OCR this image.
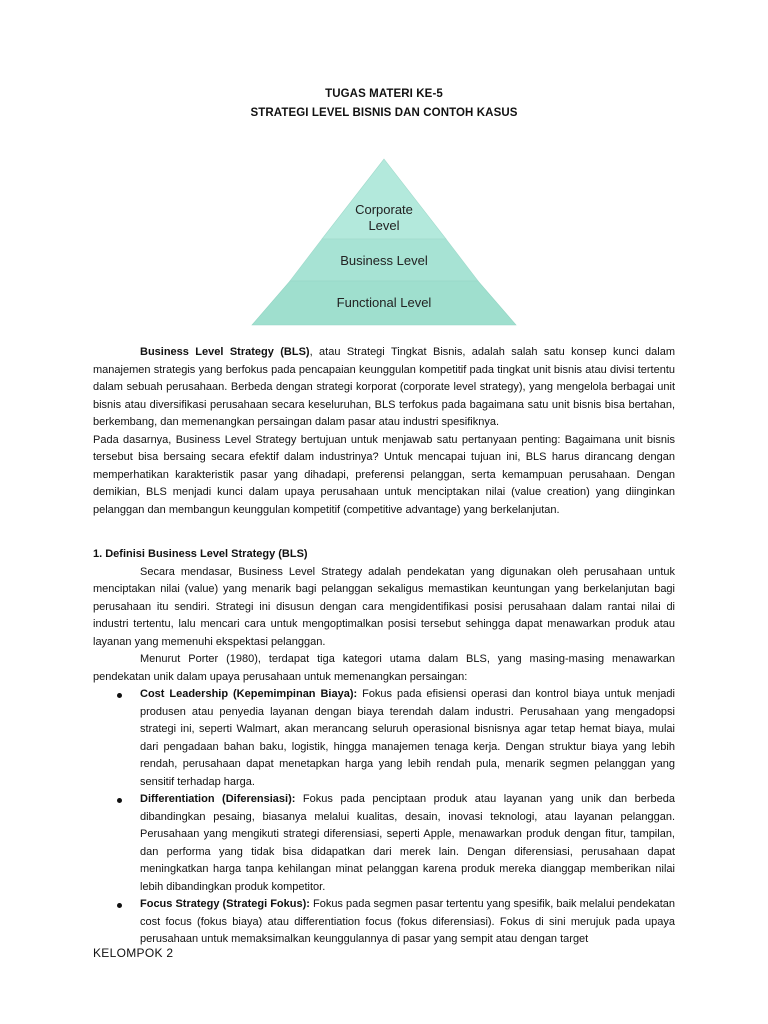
TUGAS MATERI KE-5
STRATEGI LEVEL BISNIS DAN CONTOH KASUS
Corporate
Level
Business Level
Functional Level

Business Level Strategy (BLS), atau Strategi Tingkat Bisnis, adalah salah satu konsep kunci dalam manajemen strategis yang berfokus pada pencapaian keunggulan kompetitif pada tingkat unit bisnis atau divisi tertentu dalam sebuah perusahaan. Berbeda dengan strategi korporat (corporate level strategy), yang mengelola berbagai unit bisnis atau diversifikasi perusahaan secara keseluruhan, BLS terfokus pada bagaimana satu unit bisnis bisa bertahan, berkembang, dan memenangkan persaingan dalam pasar atau industri spesifiknya.

Pada dasarnya, Business Level Strategy bertujuan untuk menjawab satu pertanyaan penting: Bagaimana unit bisnis tersebut bisa bersaing secara efektif dalam industrinya? Untuk mencapai tujuan ini, BLS harus dirancang dengan memperhatikan karakteristik pasar yang dihadapi, preferensi pelanggan, serta kemampuan perusahaan. Dengan demikian, BLS menjadi kunci dalam upaya perusahaan untuk menciptakan nilai (value creation) yang diinginkan pelanggan dan membangun keunggulan kompetitif (competitive advantage) yang berkelanjutan.

1. Definisi Business Level Strategy (BLS)

Secara mendasar, Business Level Strategy adalah pendekatan yang digunakan oleh perusahaan untuk menciptakan nilai (value) yang menarik bagi pelanggan sekaligus memastikan keuntungan yang berkelanjutan bagi perusahaan itu sendiri. Strategi ini disusun dengan cara mengidentifikasi posisi perusahaan dalam rantai nilai di industri tertentu, lalu mencari cara untuk mengoptimalkan posisi tersebut sehingga dapat menawarkan produk atau layanan yang memenuhi ekspektasi pelanggan.

Menurut Porter (1980), terdapat tiga kategori utama dalam BLS, yang masing-masing menawarkan pendekatan unik dalam upaya perusahaan untuk memenangkan persaingan:

Cost Leadership (Kepemimpinan Biaya): Fokus pada efisiensi operasi dan kontrol biaya untuk menjadi produsen atau penyedia layanan dengan biaya terendah dalam industri. Perusahaan yang mengadopsi strategi ini, seperti Walmart, akan merancang seluruh operasional bisnisnya agar tetap hemat biaya, mulai dari pengadaan bahan baku, logistik, hingga manajemen tenaga kerja. Dengan struktur biaya yang lebih rendah, perusahaan dapat menetapkan harga yang lebih rendah pula, menarik segmen pelanggan yang sensitif terhadap harga.
Differentiation (Diferensiasi): Fokus pada penciptaan produk atau layanan yang unik dan berbeda dibandingkan pesaing, biasanya melalui kualitas, desain, inovasi teknologi, atau layanan pelanggan. Perusahaan yang mengikuti strategi diferensiasi, seperti Apple, menawarkan produk dengan fitur, tampilan, dan performa yang tidak bisa didapatkan dari merek lain. Dengan diferensiasi, perusahaan dapat meningkatkan harga tanpa kehilangan minat pelanggan karena produk mereka dianggap memberikan nilai lebih dibandingkan produk kompetitor.
Focus Strategy (Strategi Fokus): Fokus pada segmen pasar tertentu yang spesifik, baik melalui pendekatan cost focus (fokus biaya) atau differentiation focus (fokus diferensiasi). Fokus di sini merujuk pada upaya perusahaan untuk memaksimalkan keunggulannya di pasar yang sempit atau dengan target
KELOMPOK 2
